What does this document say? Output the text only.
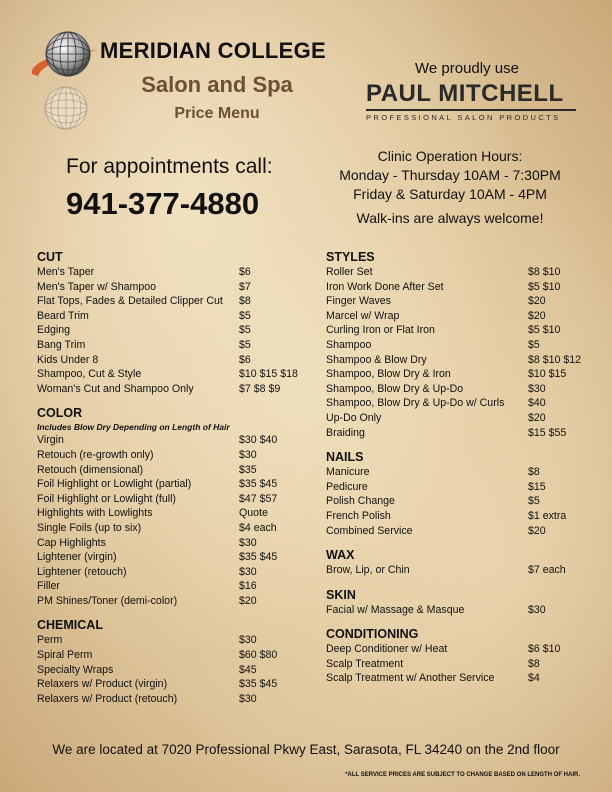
MERIDIAN COLLEGE
Salon and Spa
Price Menu
We proudly use
PAUL MITCHELL
PROFESSIONAL SALON PRODUCTS
For appointments call:
941-377-4880
Clinic Operation Hours:
Monday - Thursday 10AM - 7:30PM
Friday & Saturday 10AM - 4PM
Walk-ins are always welcome!
CUT
Men's Taper	$6
Men's Taper w/ Shampoo	$7
Flat Tops, Fades & Detailed Clipper Cut	$8
Beard Trim	$5
Edging	$5
Bang Trim	$5
Kids Under 8	$6
Shampoo, Cut & Style	$10 $15 $18
Woman's Cut and Shampoo Only	$7 $8 $9
COLOR
Includes Blow Dry Depending on Length of Hair
Virgin	$30 $40
Retouch (re-growth only)	$30
Retouch (dimensional)	$35
Foil Highlight or Lowlight (partial)	$35 $45
Foil Highlight or Lowlight (full)	$47 $57
Highlights with Lowlights	Quote
Single Foils (up to six)	$4 each
Cap Highlights	$30
Lightener (virgin)	$35 $45
Lightener (retouch)	$30
Filler	$16
PM Shines/Toner (demi-color)	$20
CHEMICAL
Perm	$30
Spiral Perm	$60 $80
Specialty Wraps	$45
Relaxers w/ Product (virgin)	$35 $45
Relaxers w/ Product (retouch)	$30
STYLES
Roller Set	$8 $10
Iron Work Done After Set	$5 $10
Finger Waves	$20
Marcel w/ Wrap	$20
Curling Iron or Flat Iron	$5 $10
Shampoo	$5
Shampoo & Blow Dry	$8 $10 $12
Shampoo, Blow Dry & Iron	$10 $15
Shampoo, Blow Dry & Up-Do	$30
Shampoo, Blow Dry & Up-Do w/ Curls	$40
Up-Do Only	$20
Braiding	$15 $55
NAILS
Manicure	$8
Pedicure	$15
Polish Change	$5
French Polish	$1 extra
Combined Service	$20
WAX
Brow, Lip, or Chin	$7 each
SKIN
Facial w/ Massage & Masque	$30
CONDITIONING
Deep Conditioner w/ Heat	$6 $10
Scalp Treatment	$8
Scalp Treatment w/ Another Service	$4
We are located at 7020 Professional Pkwy East, Sarasota, FL 34240 on the 2nd floor
*ALL SERVICE PRICES ARE SUBJECT TO CHANGE BASED ON LENGTH OF HAIR.
